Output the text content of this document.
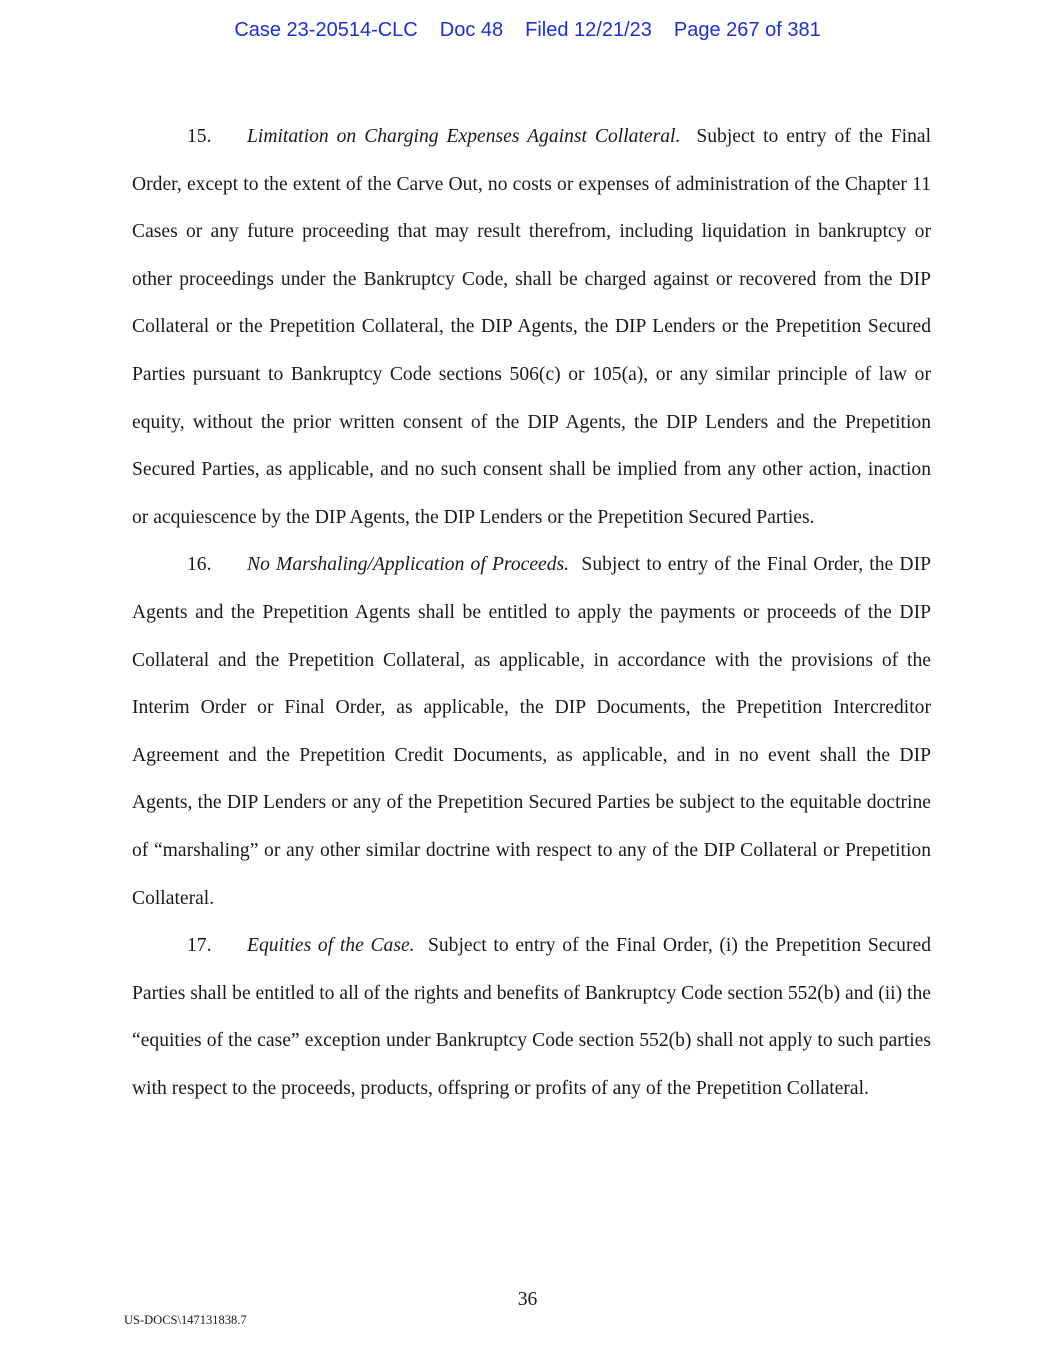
Case 23-20514-CLC Doc 48 Filed 12/21/23 Page 267 of 381

15. Limitation on Charging Expenses Against Collateral. Subject to entry of the Final Order, except to the extent of the Carve Out, no costs or expenses of administration of the Chapter 11 Cases or any future proceeding that may result therefrom, including liquidation in bankruptcy or other proceedings under the Bankruptcy Code, shall be charged against or recovered from the DIP Collateral or the Prepetition Collateral, the DIP Agents, the DIP Lenders or the Prepetition Secured Parties pursuant to Bankruptcy Code sections 506(c) or 105(a), or any similar principle of law or equity, without the prior written consent of the DIP Agents, the DIP Lenders and the Prepetition Secured Parties, as applicable, and no such consent shall be implied from any other action, inaction or acquiescence by the DIP Agents, the DIP Lenders or the Prepetition Secured Parties.

16. No Marshaling/Application of Proceeds. Subject to entry of the Final Order, the DIP Agents and the Prepetition Agents shall be entitled to apply the payments or proceeds of the DIP Collateral and the Prepetition Collateral, as applicable, in accordance with the provisions of the Interim Order or Final Order, as applicable, the DIP Documents, the Prepetition Intercreditor Agreement and the Prepetition Credit Documents, as applicable, and in no event shall the DIP Agents, the DIP Lenders or any of the Prepetition Secured Parties be subject to the equitable doctrine of “marshaling” or any other similar doctrine with respect to any of the DIP Collateral or Prepetition Collateral.

17. Equities of the Case. Subject to entry of the Final Order, (i) the Prepetition Secured Parties shall be entitled to all of the rights and benefits of Bankruptcy Code section 552(b) and (ii) the “equities of the case” exception under Bankruptcy Code section 552(b) shall not apply to such parties with respect to the proceeds, products, offspring or profits of any of the Prepetition Collateral.

36
US-DOCS\147131838.7
